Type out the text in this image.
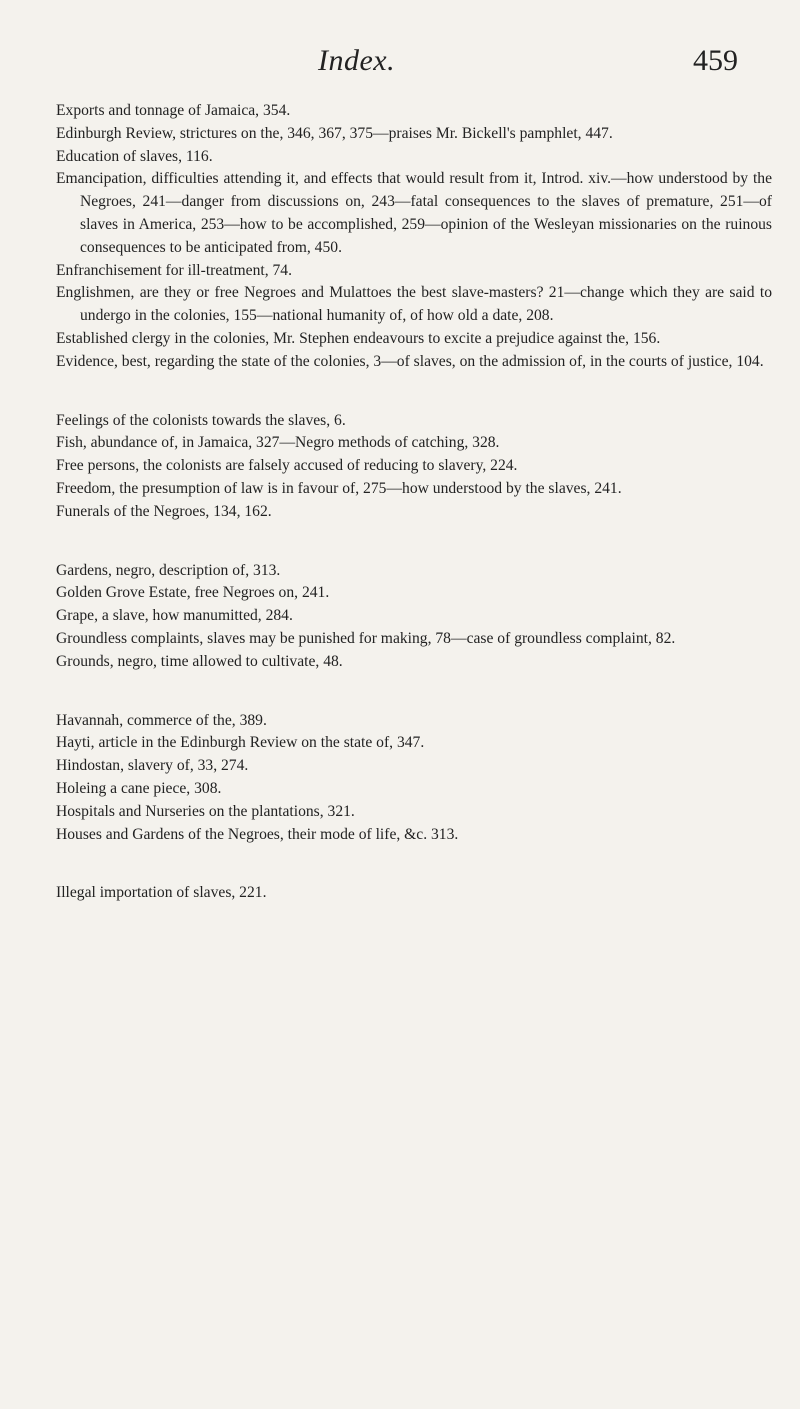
Index.	459

Exports and tonnage of Jamaica, 354.

Edinburgh Review, strictures on the, 346, 367, 375—praises Mr. Bickell's pamphlet, 447.

Education of slaves, 116.

Emancipation, difficulties attending it, and effects that would result from it, Introd. xiv.—how understood by the Negroes, 241—danger from discussions on, 243—fatal consequences to the slaves of premature, 251—of slaves in America, 253—how to be accomplished, 259—opinion of the Wesleyan missionaries on the ruinous consequences to be anticipated from, 450.

Enfranchisement for ill-treatment, 74.

Englishmen, are they or free Negroes and Mulattoes the best slave-masters? 21—change which they are said to undergo in the colonies, 155—national humanity of, of how old a date, 208.

Established clergy in the colonies, Mr. Stephen endeavours to excite a prejudice against the, 156.

Evidence, best, regarding the state of the colonies, 3—of slaves, on the admission of, in the courts of justice, 104.

Feelings of the colonists towards the slaves, 6.

Fish, abundance of, in Jamaica, 327—Negro methods of catching, 328.

Free persons, the colonists are falsely accused of reducing to slavery, 224.

Freedom, the presumption of law is in favour of, 275—how understood by the slaves, 241.

Funerals of the Negroes, 134, 162.

Gardens, negro, description of, 313.

Golden Grove Estate, free Negroes on, 241.

Grape, a slave, how manumitted, 284.

Groundless complaints, slaves may be punished for making, 78—case of groundless complaint, 82.

Grounds, negro, time allowed to cultivate, 48.

Havannah, commerce of the, 389.

Hayti, article in the Edinburgh Review on the state of, 347.

Hindostan, slavery of, 33, 274.

Holeing a cane piece, 308.

Hospitals and Nurseries on the plantations, 321.

Houses and Gardens of the Negroes, their mode of life, &c. 313.

Illegal importation of slaves, 221.
